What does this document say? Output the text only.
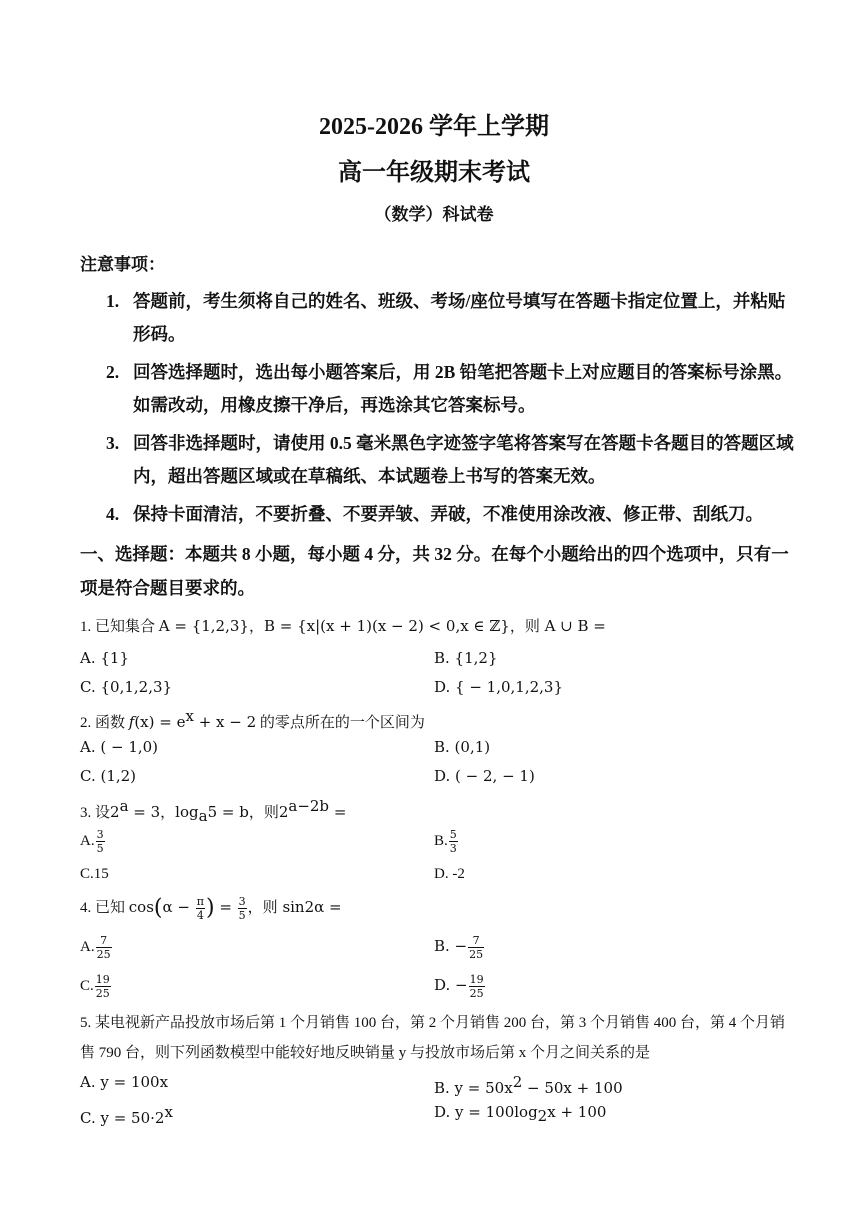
2025-2026 学年上学期
高一年级期末考试
（数学）科试卷
注意事项：
1. 答题前，考生须将自己的姓名、班级、考场/座位号填写在答题卡指定位置上，并粘贴形码。
2. 回答选择题时，选出每小题答案后，用 2B 铅笔把答题卡上对应题目的答案标号涂黑。如需改动，用橡皮擦干净后，再选涂其它答案标号。
3. 回答非选择题时，请使用 0.5 毫米黑色字迹签字笔将答案写在答题卡各题目的答题区域内，超出答题区域或在草稿纸、本试题卷上书写的答案无效。
4. 保持卡面清洁，不要折叠、不要弄皱、弄破，不准使用涂改液、修正带、刮纸刀。
一、选择题：本题共 8 小题，每小题 4 分，共 32 分。在每个小题给出的四个选项中，只有一项是符合题目要求的。
1. 已知集合 A = {1,2,3}，B = {x|(x + 1)(x − 2) < 0,x ∈ ℤ}，则 A ∪ B =
A. {1}	B. {1,2}
C. {0,1,2,3}	D. { − 1,0,1,2,3}
2. 函数 $f(x) = e^x + x - 2$ 的零点所在的一个区间为
A. ( − 1,0)	B. (0,1)
C. (1,2)	D. ( − 2, − 1)
3. 设$2^a = 3$，$\log_a5 = b$，则$2^{a-2b}$ =
A. $\frac{3}{5}$	B. $\frac{5}{3}$
C.15	D. -2
4. 已知 $\cos(\alpha - \frac{\pi}{4}$ ) = $\frac{3}{5}$ ，则 sin2α =
A. $\frac{7}{25}$	B. − $\frac{7}{25}$
C. $\frac{19}{25}$	D. − $\frac{19}{25}$
5. 某电视新产品投放市场后第 1 个月销售 100 台，第 2 个月销售 200 台，第 3 个月销售 400 台，第 4 个月销售 790 台，则下列函数模型中能较好地反映销量 y 与投放市场后第 x 个月之间关系的是
A. y = 100x	B. $y = 50x^2 - 50x + 100$
C. $y = 50\cdot 2^x$	D. $y = 100\log_2x + 100$
